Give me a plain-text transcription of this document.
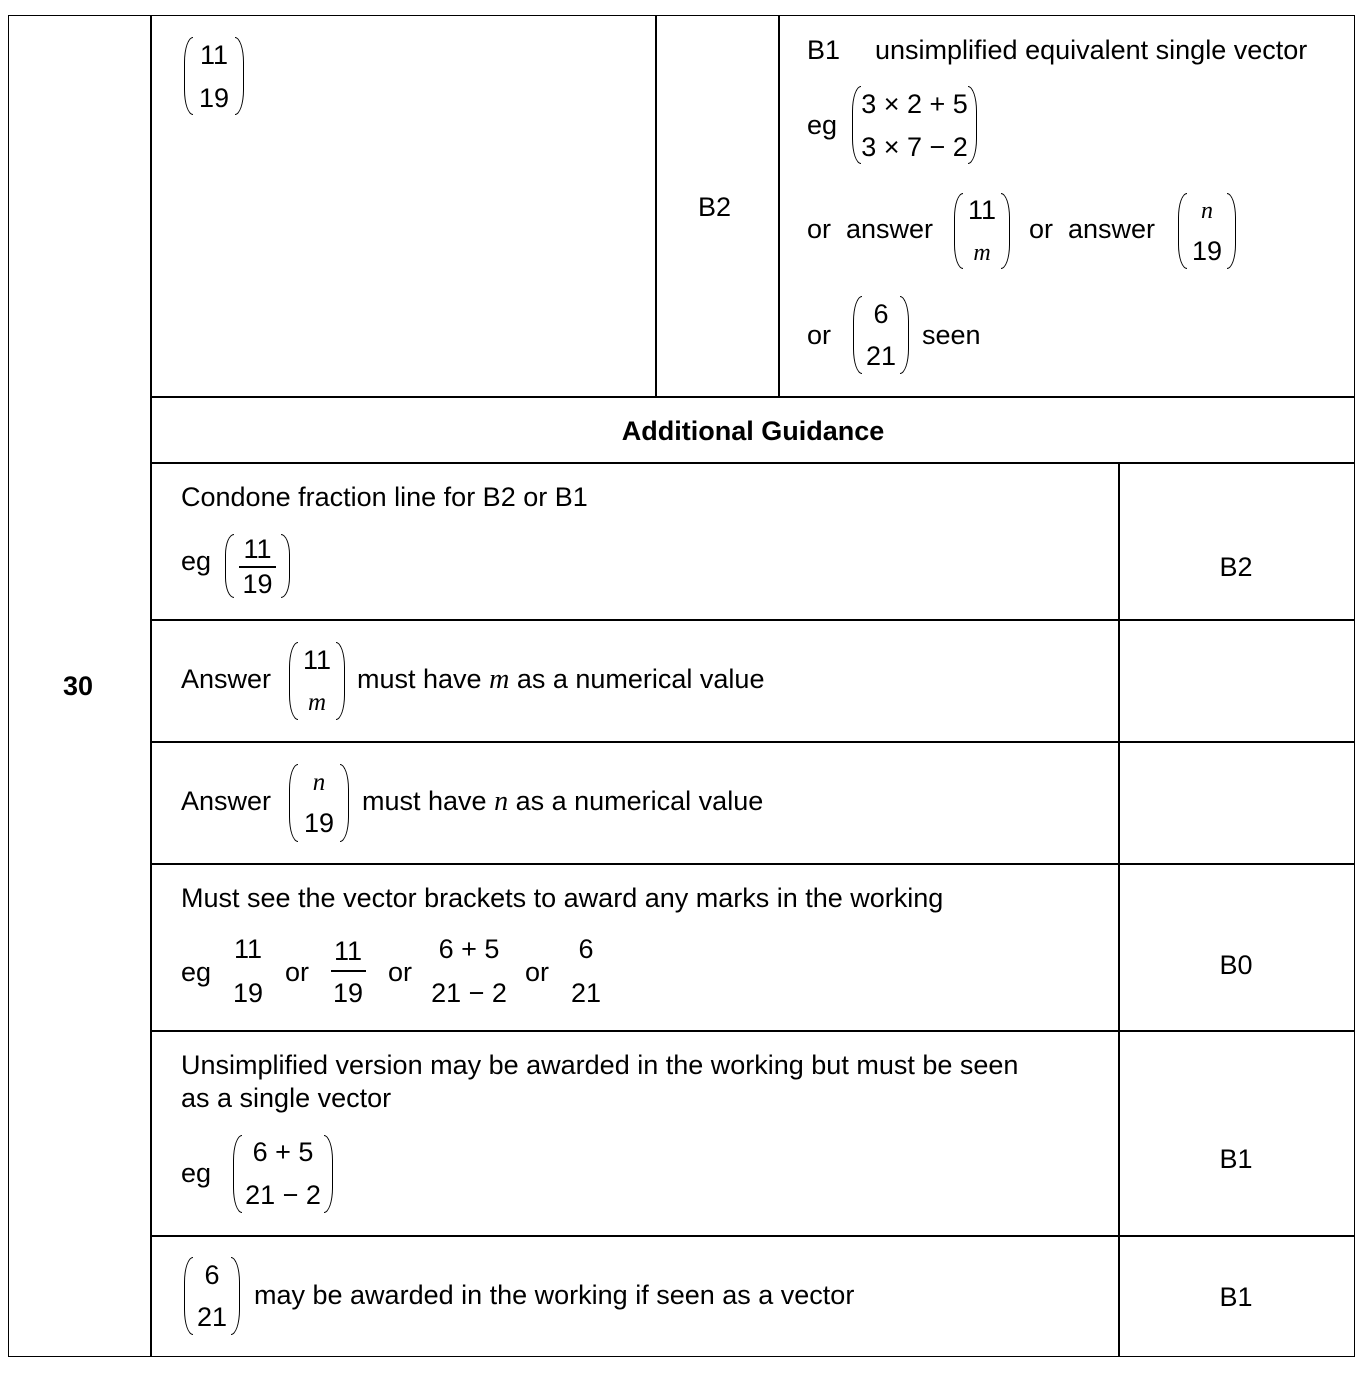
30
11
19
B2
B1 unsimplified equivalent single vector
eg
3 × 2 + 5
3 × 7 − 2
or  answer
11
m
or  answer
n
19
or
6
21
seen
Additional Guidance
Condone fraction line for B2 or B1
eg	11
19
B2
Answer
11
m
must have m as a numerical value
Answer
n
19
must have n as a numerical value
Must see the vector brackets to award any marks in the working
eg
11
19
or
11
19
or
6 + 5
21 − 2
or
6
21
B0
Unsimplified version may be awarded in the working but must be seen
as a single vector
eg
6 + 5
21 − 2
B1
6
21
may be awarded in the working if seen as a vector	B1
